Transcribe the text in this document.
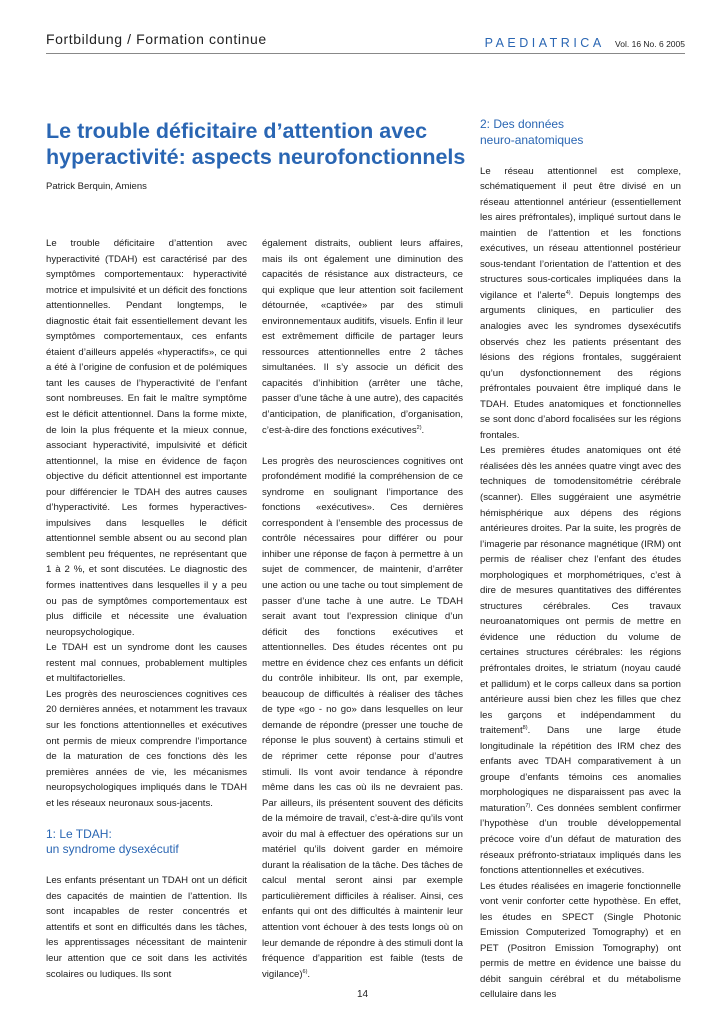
Fortbildung / Formation continue	PAEDIATRICA Vol. 16 No. 6 2005
Le trouble déficitaire d’attention avec hyperactivité: aspects neurofonctionnels
Patrick Berquin, Amiens

Le trouble déficitaire d’attention avec hyperactivité (TDAH) est caractérisé par des symptômes comportementaux: hyperactivité motrice et impulsivité et un déficit des fonctions attentionnelles. Pendant longtemps, le diagnostic était fait essentiellement devant les symptômes comportementaux, ces enfants étaient d’ailleurs appelés «hyperactifs», ce qui a été à l’origine de confusion et de polémiques tant les causes de l’hyperactivité de l’enfant sont nombreuses. En fait le maître symptôme est le déficit attentionnel. Dans la forme mixte, de loin la plus fréquente et la mieux connue, associant hyperactivité, impulsivité et déficit attentionnel, la mise en évidence de façon objective du déficit attentionnel est importante pour différencier le TDAH des autres causes d’hyperactivité. Les formes hyperactives-impulsives dans lesquelles le déficit attentionnel semble absent ou au second plan semblent peu fréquentes, ne représentant que 1 à 2 %, et sont discutées. Le diagnostic des formes inattentives dans lesquelles il y a peu ou pas de symptômes comportementaux est plus difficile et nécessite une évaluation neuropsychologique.

Le TDAH est un syndrome dont les causes restent mal connues, probablement multiples et multifactorielles.

Les progrès des neurosciences cognitives ces 20 dernières années, et notamment les travaux sur les fonctions attentionnelles et exécutives ont permis de mieux comprendre l’importance de la maturation de ces fonctions dès les premières années de vie, les mécanismes neuropsychologiques impliqués dans le TDAH et les réseaux neuronaux sous-jacents.

1: Le TDAH:
un syndrome dysexécutif

Les enfants présentant un TDAH ont un déficit des capacités de maintien de l’attention. Ils sont incapables de rester concentrés et attentifs et sont en difficultés dans les tâches, les apprentissages nécessitant de maintenir leur attention que ce soit dans les activités scolaires ou ludiques. Ils sont

également distraits, oublient leurs affaires, mais ils ont également une diminution des capacités de résistance aux distracteurs, ce qui explique que leur attention soit facilement détournée, «captivée» par des stimuli environnementaux auditifs, visuels. Enfin il leur est extrêmement difficile de partager leurs ressources attentionnelles entre 2 tâches simultanées. Il s’y associe un déficit des capacités d’inhibition (arrêter une tâche, passer d’une tâche à une autre), des capacités d’anticipation, de planification, d’organisation, c’est-à-dire des fonctions exécutives$^{2)}$.

Les progrès des neurosciences cognitives ont profondément modifié la compréhension de ce syndrome en soulignant l’importance des fonctions «exécutives». Ces dernières correspondent à l’ensemble des processus de contrôle nécessaires pour différer ou pour inhiber une réponse de façon à permettre à un sujet de commencer, de maintenir, d’arrêter une action ou une tache ou tout simplement de passer d’une tache à une autre. Le TDAH serait avant tout l’expression clinique d’un déficit des fonctions exécutives et attentionnelles. Des études récentes ont pu mettre en évidence chez ces enfants un déficit du contrôle inhibiteur. Ils ont, par exemple, beaucoup de difficultés à réaliser des tâches de type «go - no go» dans lesquelles on leur demande de répondre (presser une touche de réponse le plus souvent) à certains stimuli et de réprimer cette réponse pour d’autres stimuli. Ils vont avoir tendance à répondre même dans les cas où ils ne devraient pas. Par ailleurs, ils présentent souvent des déficits de la mémoire de travail, c’est-à-dire qu’ils vont avoir du mal à effectuer des opérations sur un matériel qu’ils doivent garder en mémoire durant la réalisation de la tâche. Des tâches de calcul mental seront ainsi par exemple particulièrement difficiles à réaliser. Ainsi, ces enfants qui ont des difficultés à maintenir leur attention vont échouer à des tests longs où on leur demande de répondre à des stimuli dont la fréquence d’apparition est faible (tests de vigilance)$^{6)}$.

2: Des données
neuro-anatomiques

Le réseau attentionnel est complexe, schématiquement il peut être divisé en un réseau attentionnel antérieur (essentiellement les aires préfrontales), impliqué surtout dans le maintien de l’attention et les fonctions exécutives, un réseau attentionnel postérieur sous-tendant l’orientation de l’attention et des structures sous-corticales impliquées dans la vigilance et l’alerte$^{4)}$. Depuis longtemps des arguments cliniques, en particulier des analogies avec les syndromes dysexécutifs observés chez les patients présentant des lésions des régions frontales, suggéraient qu’un dysfonctionnement des régions préfrontales pouvaient être impliqué dans le TDAH. Etudes anatomiques et fonctionnelles se sont donc d’abord focalisées sur les régions frontales.

Les premières études anatomiques ont été réalisées dès les années quatre vingt avec des techniques de tomodensitométrie cérébrale (scanner). Elles suggéraient une asymétrie hémisphérique aux dépens des régions antérieures droites. Par la suite, les progrès de l’imagerie par résonance magnétique (IRM) ont permis de réaliser chez l’enfant des études morphologiques et morphométriques, c’est à dire de mesures quantitatives des différentes structures cérébrales. Ces travaux neuroanatomiques ont permis de mettre en évidence une réduction du volume de certaines structures cérébrales: les régions préfrontales droites, le striatum (noyau caudé et pallidum) et le corps calleux dans sa portion antérieure aussi bien chez les filles que chez les garçons et indépendamment du traitement$^{8)}$. Dans une large étude longitudinale la répétition des IRM chez des enfants avec TDAH comparativement à un groupe d’enfants témoins ces anomalies morphologiques ne disparaissent pas avec la maturation$^{7)}$. Ces données semblent confirmer l’hypothèse d’un trouble développemental précoce voire d’un défaut de maturation des réseaux préfronto-striataux impliqués dans les fonctions attentionnelles et exécutives.

Les études réalisées en imagerie fonctionnelle vont venir conforter cette hypothèse. En effet, les études en SPECT (Single Photonic Emission Computerized Tomography) et en PET (Positron Emission Tomography) ont permis de mettre en évidence une baisse du débit sanguin cérébral et du métabolisme cellulaire dans les

14
